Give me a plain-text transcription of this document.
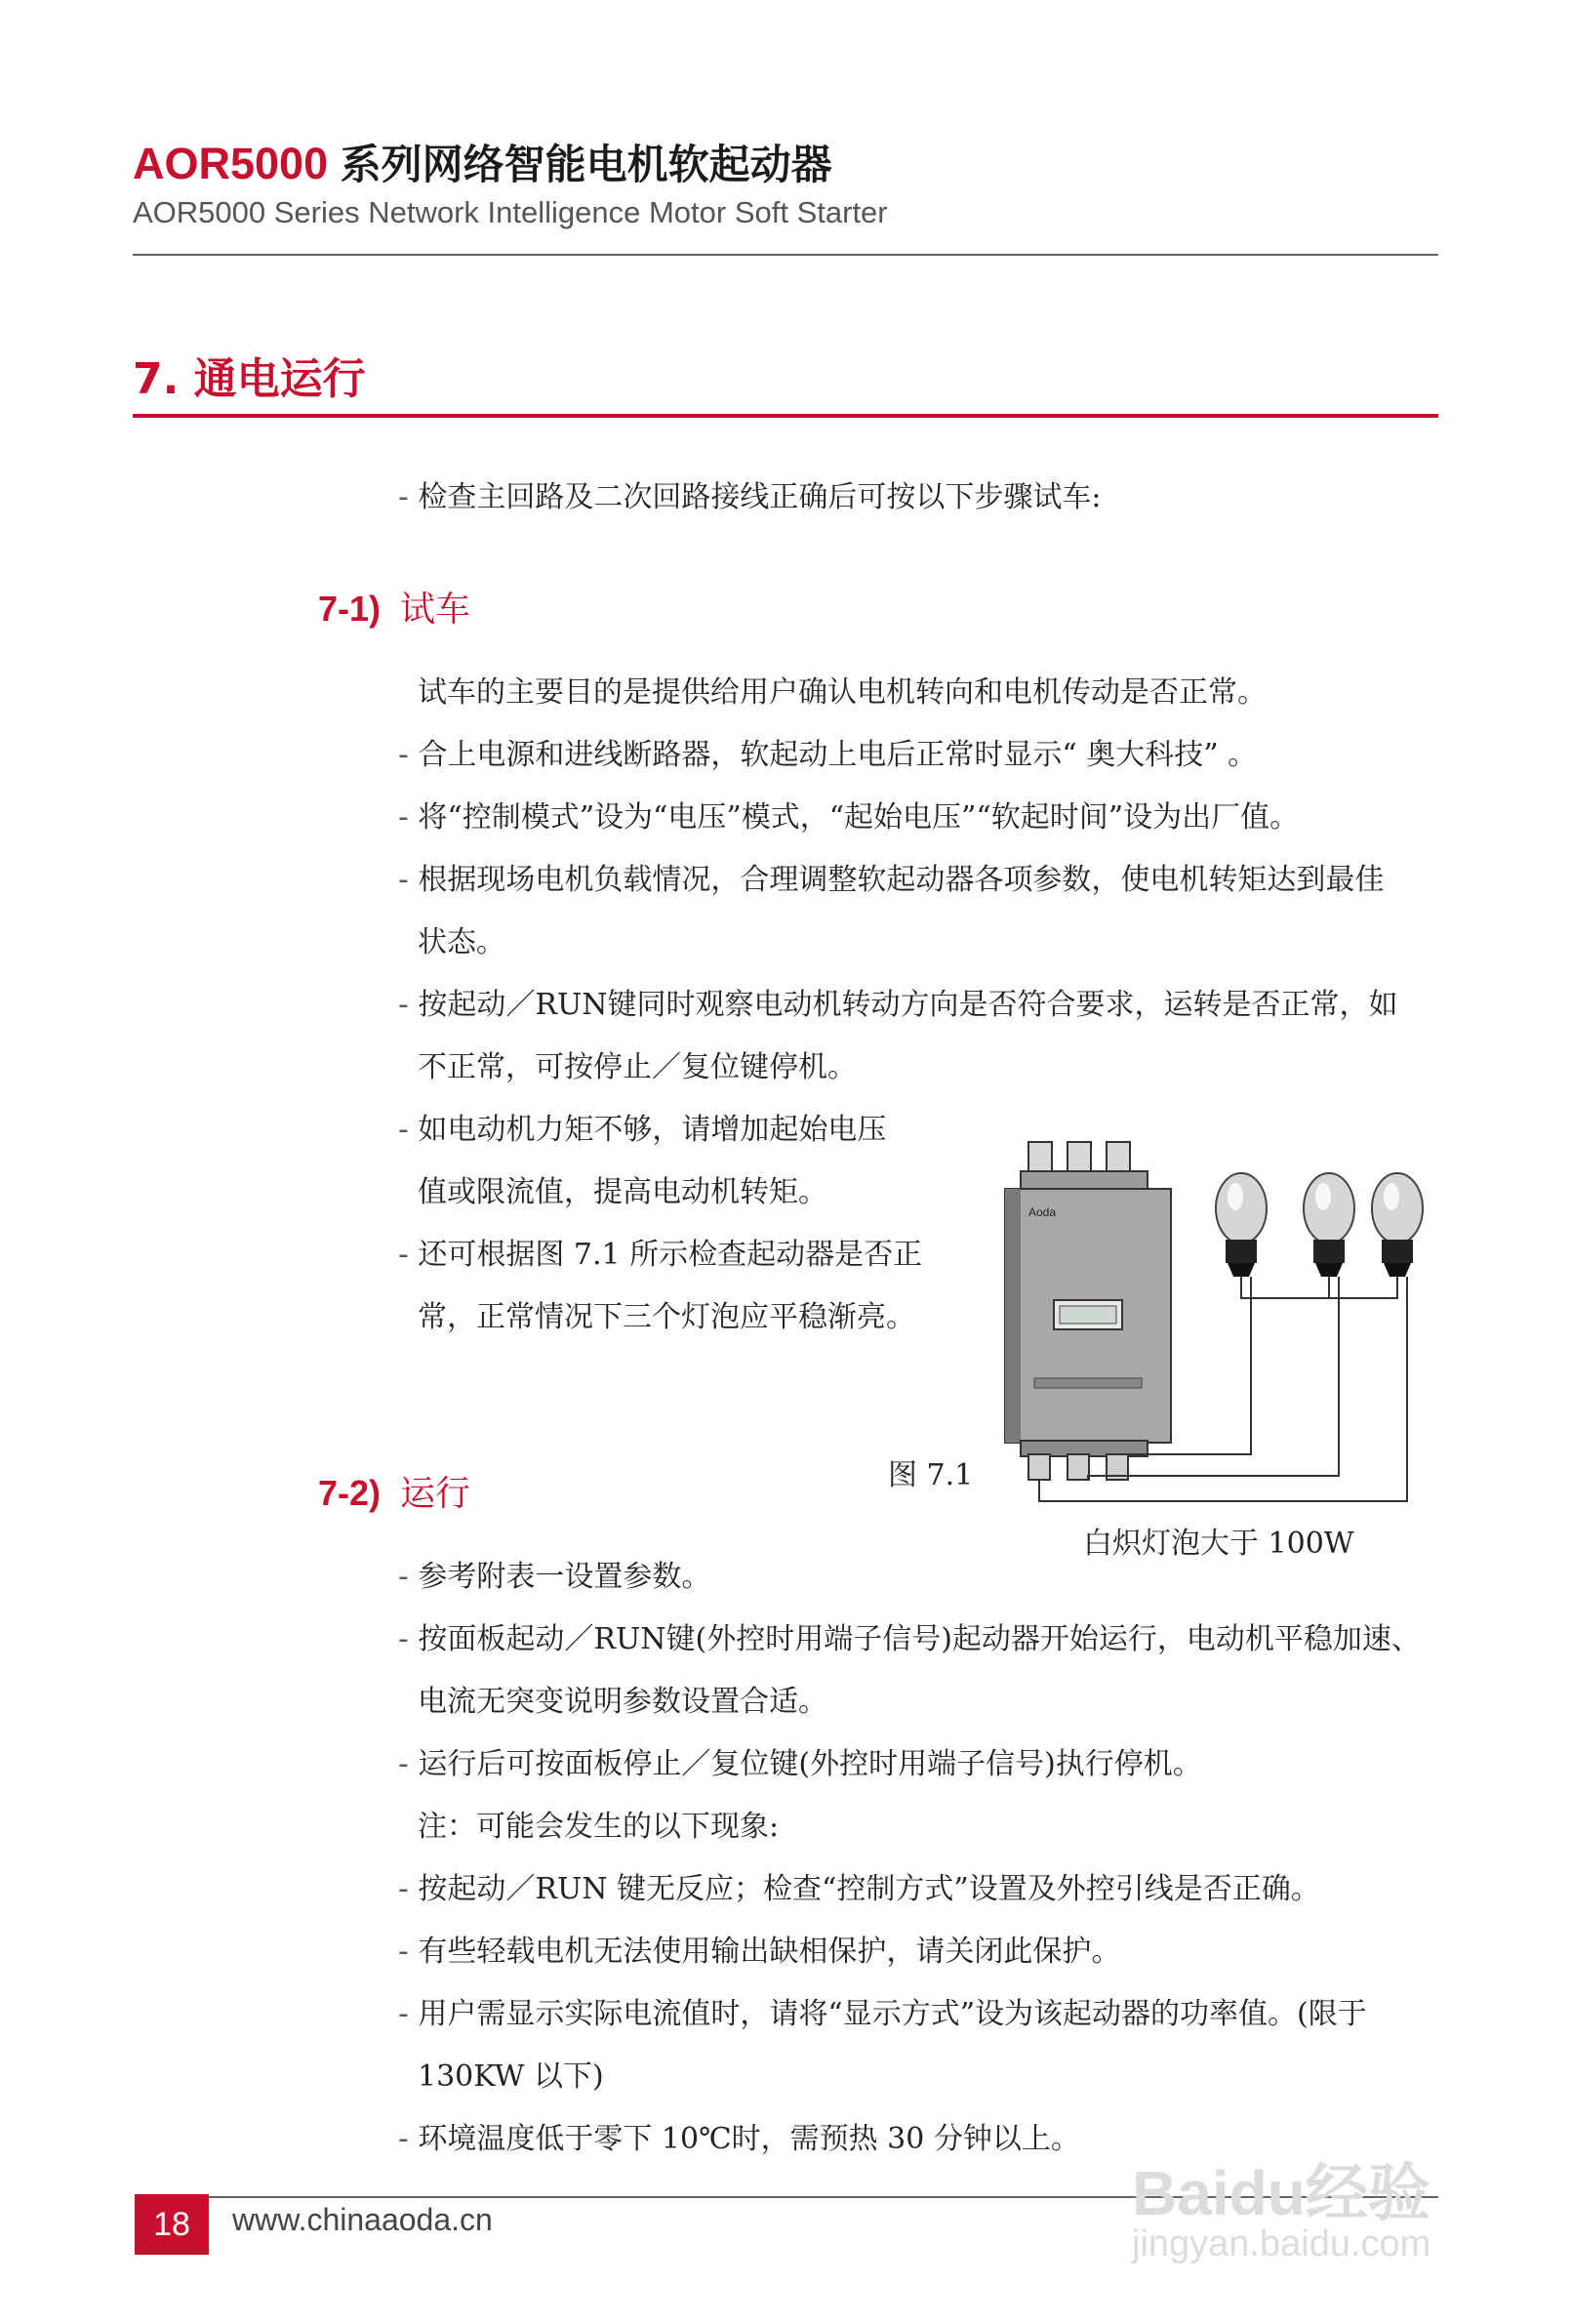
AOR5000 系列网络智能电机软起动器
AOR5000 Series Network Intelligence Motor Soft Starter
7. 通电运行
- 检查主回路及二次回路接线正确后可按以下步骤试车:
7-1) 试车
试车的主要目的是提供给用户确认电机转向和电机传动是否正常。
- 合上电源和进线断路器，软起动上电后正常时显示“ 奥大科技” 。
- 将“控制模式”设为“电压”模式，“起始电压”“软起时间”设为出厂值。
- 根据现场电机负载情况，合理调整软起动器各项参数，使电机转矩达到最佳
状态。
- 按起动／RUN键同时观察电动机转动方向是否符合要求，运转是否正常，如
不正常，可按停止／复位键停机。
- 如电动机力矩不够，请增加起始电压
值或限流值，提高电动机转矩。
- 还可根据图 7.1 所示检查起动器是否正
常，正常情况下三个灯泡应平稳渐亮。
Aoda
图 7.1
白炽灯泡大于 100W
7-2) 运行
- 参考附表一设置参数。
- 按面板起动／RUN键(外控时用端子信号)起动器开始运行，电动机平稳加速、
电流无突变说明参数设置合适。
- 运行后可按面板停止／复位键(外控时用端子信号)执行停机。
注：可能会发生的以下现象:
- 按起动／RUN 键无反应；检查“控制方式”设置及外控引线是否正确。
- 有些轻载电机无法使用输出缺相保护，请关闭此保护。
- 用户需显示实际电流值时，请将“显示方式”设为该起动器的功率值。(限于
130KW 以下)
- 环境温度低于零下 10℃时，需预热 30 分钟以上。
18	www.chinaaoda.cn	Baidu经验
jingyan.baidu.com
